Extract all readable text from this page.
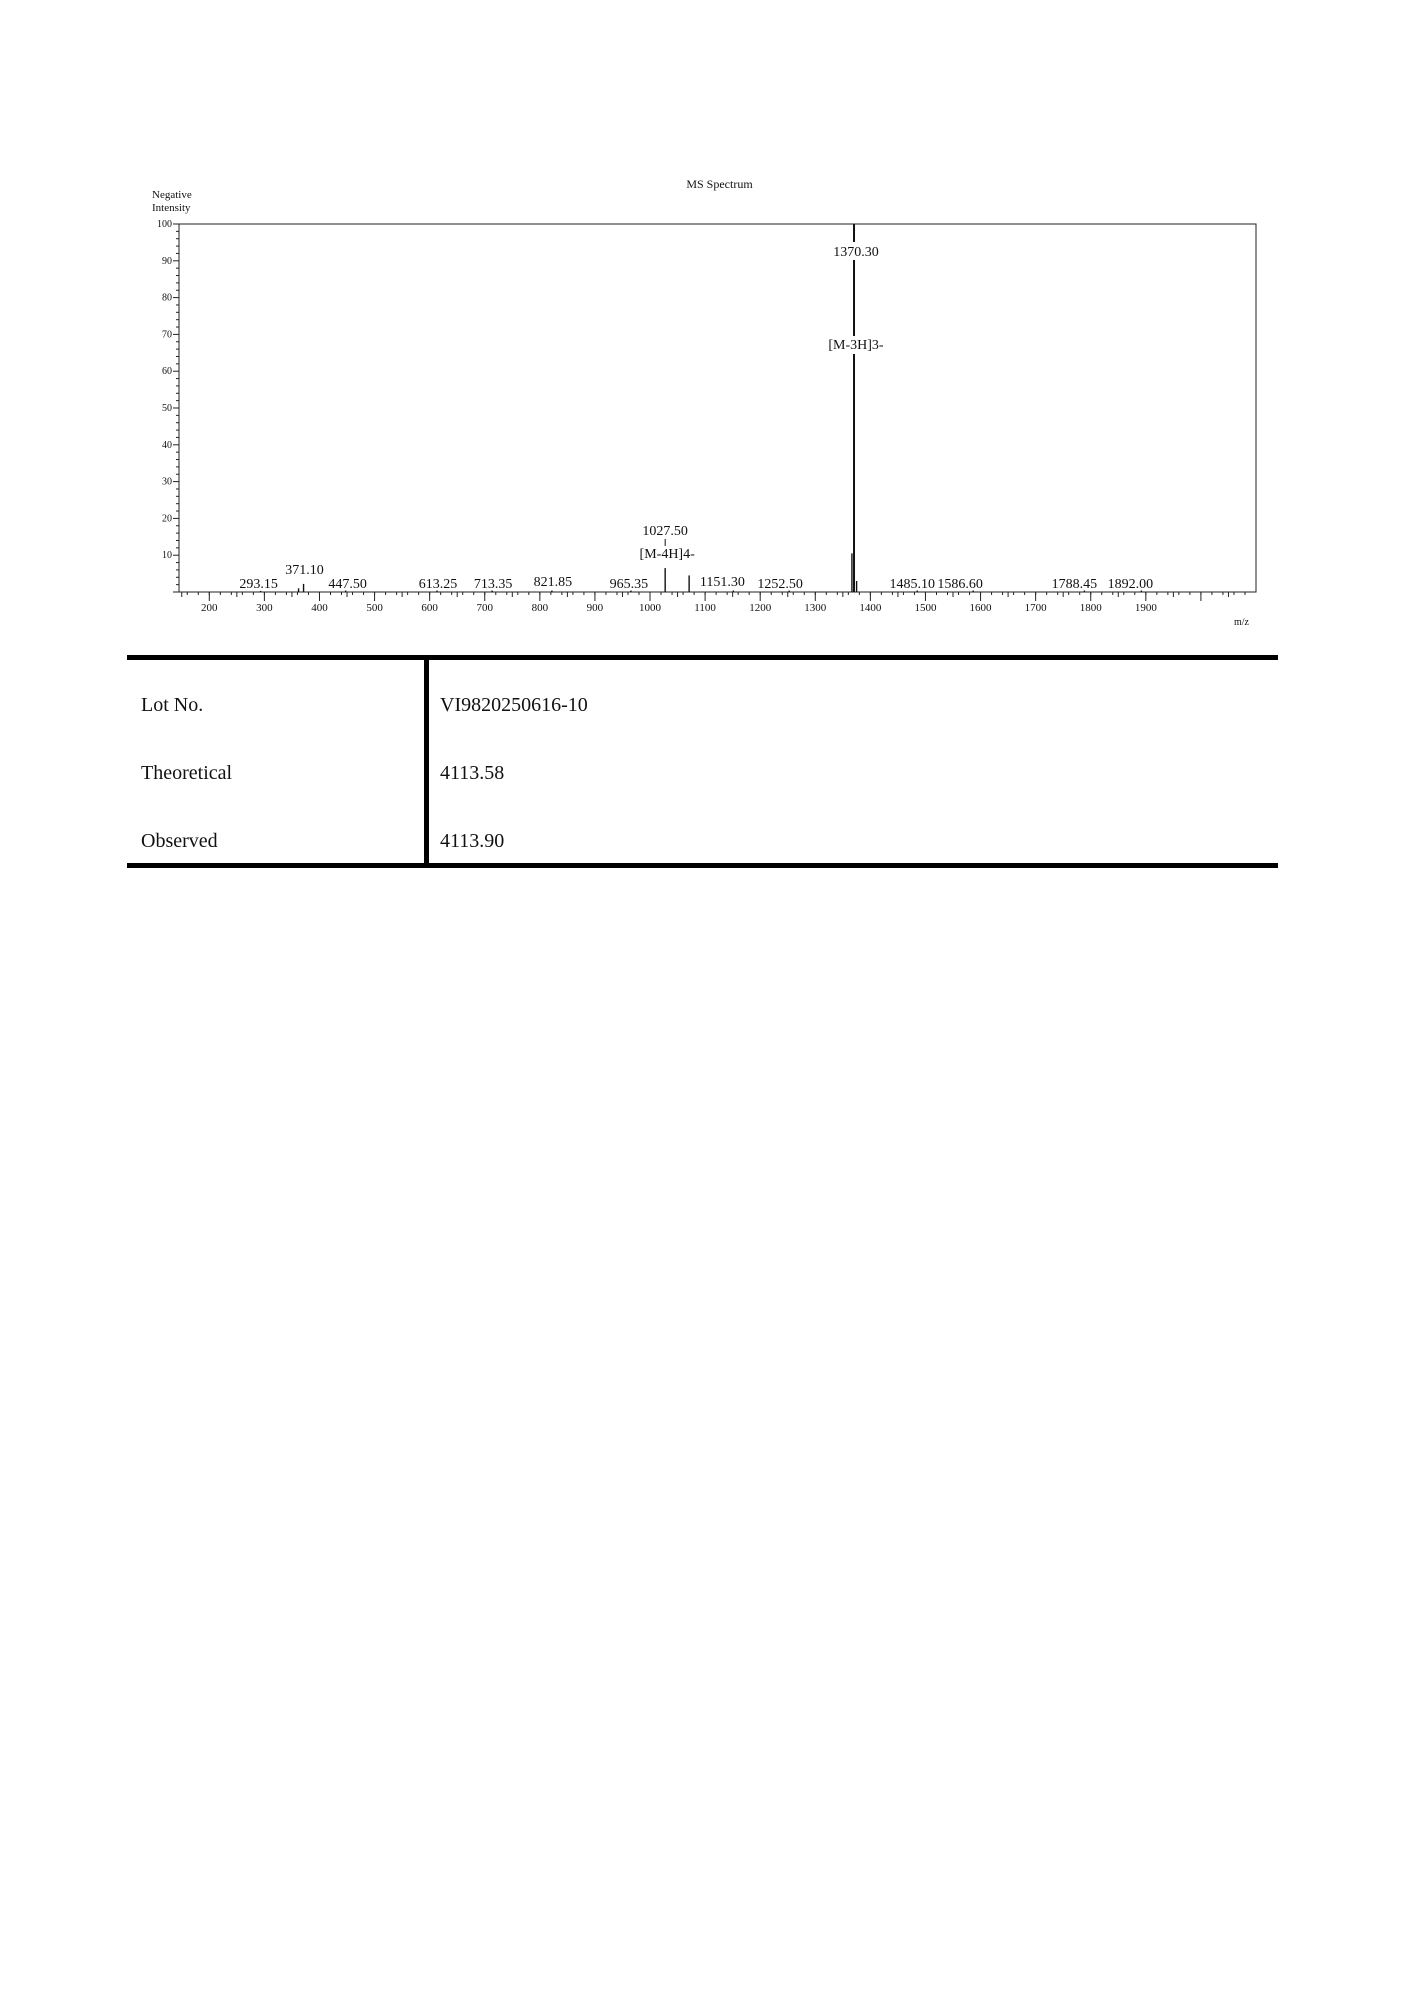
MS Spectrum
Negative
Intensity
m/z
10
20
30
40
50
60
70
80
90
100
200	300	400	500	600	700	800	900	1000	1100	1200	1300	1400	1500	1600	1700	1800	1900
1370.30
[M-3H]3-
1027.50
[M-4H]4-
293.15
371.10
447.50	613.25 713.35 821.85	965.35	1151.30 1252.50	1485.10 1586.60	1788.45 1892.00
Lot No.	VI9820250616-10
Theoretical	4113.58
Observed	4113.90
